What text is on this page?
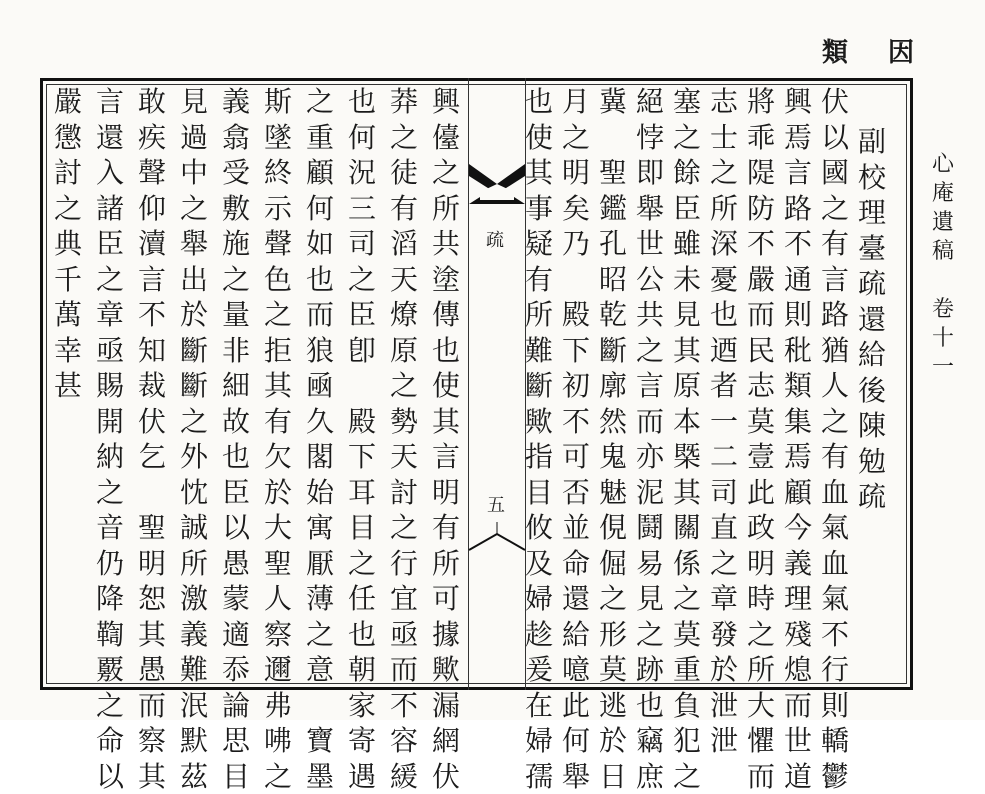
類 因
心
庵
遺
稿

卷
十
一
疏
五
副
校
理
臺
疏
還
給
後
陳
勉
疏
伏
以
國
之
有
言
路
猶
人
之
有
血
氣
血
氣
不
行
則
轎
鬱
興
焉
言
路
不
通
則
秕
類
集
焉
顧
今
義
理
殘
熄
而
世
道
將
乖
隄
防
不
嚴
而
民
志
莫
壹
此
政
明
時
之
所
大
懼
而
志
士
之
所
深
憂
也
迺
者
一
二
司
直
之
章
發
於
泄
泄
塞
之
餘
臣
雖
未
見
其
原
本
槩
其
關
係
之
莫
重
負
犯
之
絕
悖
即
舉
世
公
共
之
言
而
亦
泥
鬪
易
見
之
跡
也
竊
庶
冀

聖
鑑
孔
昭
乾
斷
廓
然
鬼
魅
俔
倔
之
形
莫
逃
於
日
月
之
明
矣
乃

殿
下
初
不
可
否
並
命
還
給
噫
此
何
舉
也
使
其
事
疑
有
所
難
斷
歟
指
目
攸
及
婦
趁
爰
在
婦
孺
興
儓
之
所
共
塗
傳
也
使
其
言
明
有
所
可
據
歟
漏
網
伏
莽
之
徒
有
滔
天
燎
原
之
勢
天
討
之
行
宜
亟
而
不
容
緩
也
何
況
三
司
之
臣
卽

殿
下
耳
目
之
任
也
朝
家
寄
遇
之
重
顧
何
如
也
而
狼
凾
久
閣
始
寓
厭
薄
之
意

寶
墨
斯
墜
終
示
聲
色
之
拒
其
有
欠
於
大
聖
人
察
邇
弗
咈
之
義
翕
受
敷
施
之
量
非
細
故
也
臣
以
愚
蒙
適
忝
論
思
目
見
過
中
之
舉
出
於
斷
斷
之
外
忱
誠
所
激
義
難
泯
默
茲
敢
疾
聲
仰
瀆
言
不
知
裁
伏
乞

聖
明
恕
其
愚
而
察
其
言
還
入
諸
臣
之
章
亟
賜
開
納
之
音
仍
降
鞫
覈
之
命
以
嚴
懲
討
之
典
千
萬
幸
甚
